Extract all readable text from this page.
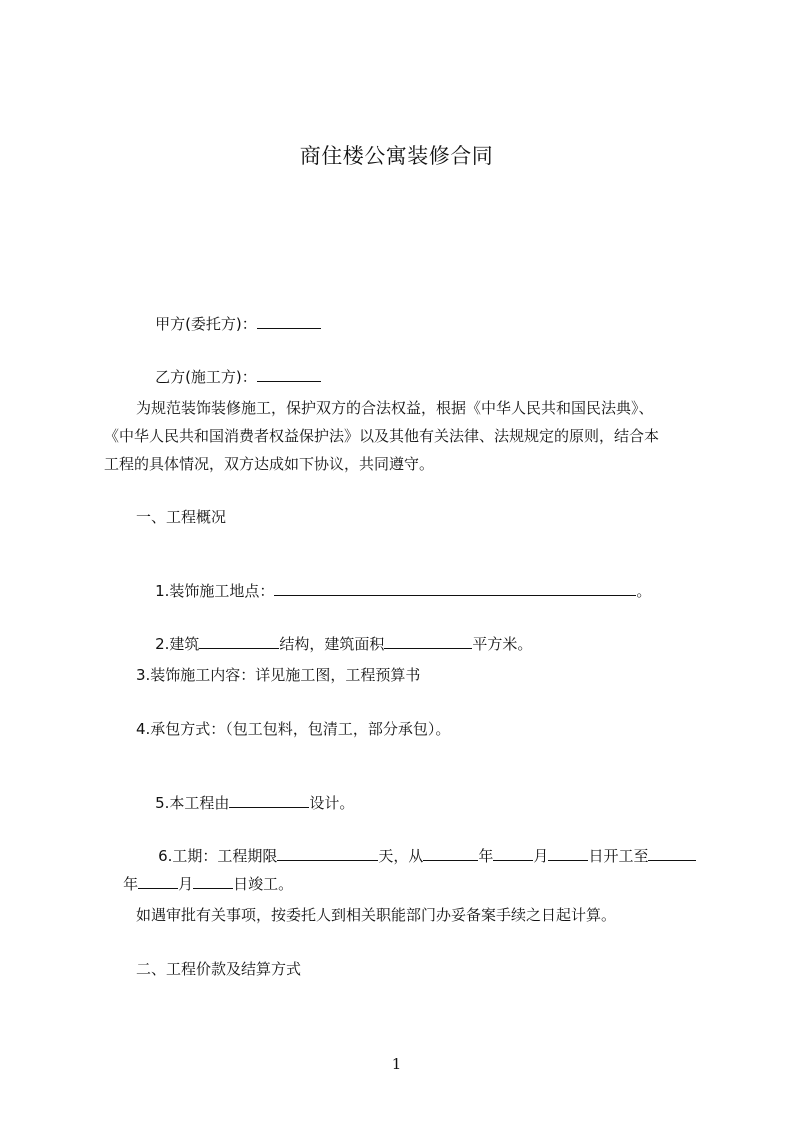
商住楼公寓装修合同

甲方(委托方)：

乙方(施工方)：

为规范装饰装修施工，保护双方的合法权益，根据《中华人民共和国民法典》、
《中华人民共和国消费者权益保护法》以及其他有关法律、法规规定的原则，结合本
工程的具体情况，双方达成如下协议，共同遵守。
一、工程概况

1.装饰施工地点：	。

2.建筑	结构，建筑面积	平方米。

3.装饰施工内容：详见施工图，工程预算书
4.承包方式：（包工包料，包清工，部分承包）。

5.本工程由	设计。

6.工期：工程期限	天，从	年	月	日开工至

年	月	日竣工。

如遇审批有关事项，按委托人到相关职能部门办妥备案手续之日起计算。
二、工程价款及结算方式
1
